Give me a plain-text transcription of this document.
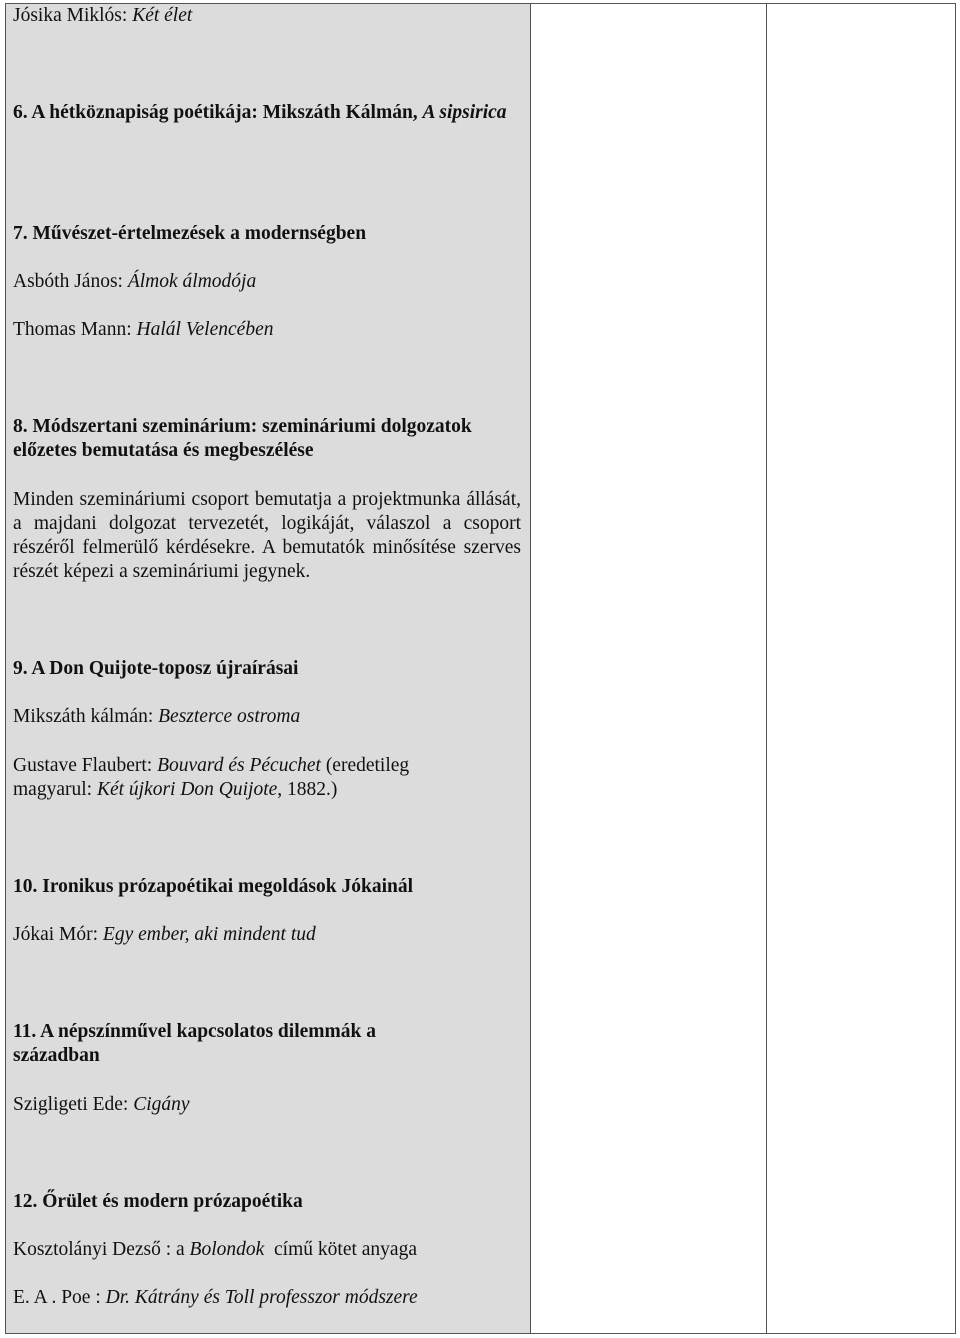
Jósika Miklós: Két élet
6. A hétköznapiság poétikája: Mikszáth Kálmán, A sipsirica
7. Művészet-értelmezések a modernségben
Asbóth János: Álmok álmodója
Thomas Mann: Halál Velencében
8. Módszertani szeminárium: szemináriumi dolgozatok előzetes bemutatása és megbeszélése
Minden szemináriumi csoport bemutatja a projektmunka állását, a majdani dolgozat tervezetét, logikáját, válaszol a csoport részéről felmerülő kérdésekre. A bemutatók minősítése szerves részét képezi a szemináriumi jegynek.
9. A Don Quijote-toposz újraírásai
Mikszáth kálmán: Beszterce ostroma
Gustave Flaubert: Bouvard és Pécuchet (eredetileg magyarul: Két újkori Don Quijote, 1882.)
10. Ironikus prózapoétikai megoldások Jókainál
Jókai Mór: Egy ember, aki mindent tud
11. A népszínművel kapcsolatos dilemmák a században
Szigligeti Ede: Cigány
12. Őrület és modern prózapoétika
Kosztolányi Dezső : a Bolondok  című kötet anyaga
E. A . Poe : Dr. Kátrány és Toll professzor módszere
